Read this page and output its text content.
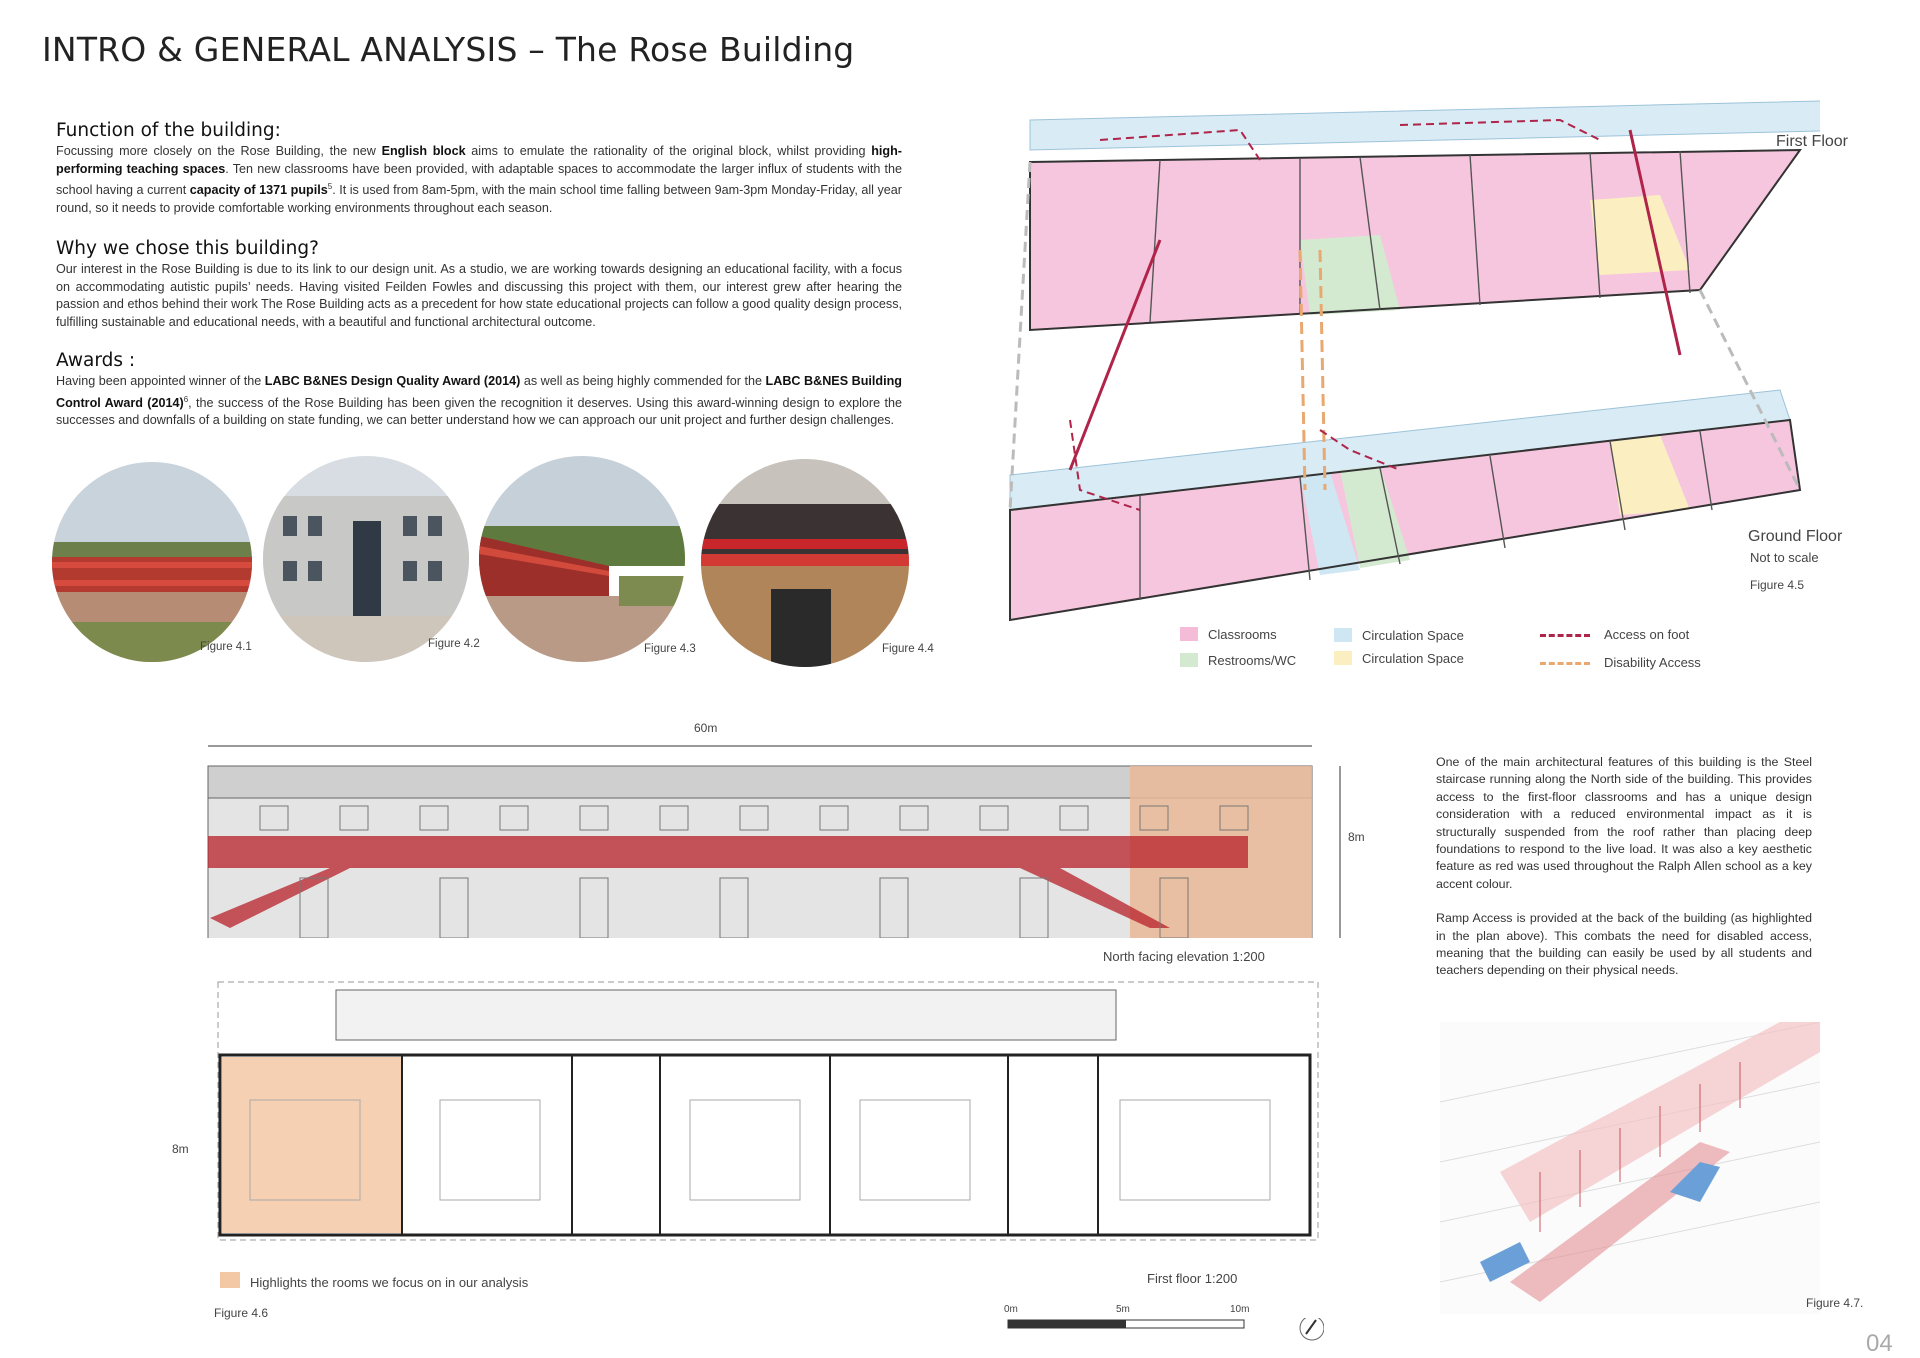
INTRO & GENERAL ANALYSIS – The Rose Building
Function of the building:

Focussing more closely on the Rose Building, the new English block aims to emulate the rationality of the original block, whilst providing high-performing teaching spaces. Ten new classrooms have been provided, with adaptable spaces to accommodate the larger influx of students with the school having a current capacity of 1371 pupils$^5$. It is used from 8am-5pm, with the main school time falling between 9am-3pm Monday-Friday, all year round, so it needs to provide comfortable working environments throughout each season.

Why we chose this building?

Our interest in the Rose Building is due to its link to our design unit. As a studio, we are working towards designing an educational facility, with a focus on accommodating autistic pupils’ needs. Having visited Feilden Fowles and discussing this project with them, our interest grew after hearing the passion and ethos behind their work The Rose Building acts as a precedent for how state educational projects can follow a good quality design process, fulfilling sustainable and educational needs, with a beautiful and functional architectural outcome.

Awards :

Having been appointed winner of the LABC B&NES Design Quality Award (2014) as well as being highly commended for the LABC B&NES Building Control Award $(2014)^6$, the success of the Rose Building has been given the recognition it deserves. Using this award-winning design to explore the successes and downfalls of a building on state funding, we can better understand how we can approach our unit project and further design challenges.

Figure 4.1	Figure 4.2	Figure 4.3	Figure 4.4
First Floor
Ground Floor
Not to scale
Figure 4.5
Classrooms
Restrooms/WC
Circulation Space
Circulation Space
Access on foot
Disability Access
60m
8m
North facing elevation 1:200
8m
Highlights the rooms we focus on in our analysis	First floor 1:200
Figure 4.6	0m	5m	10m

One of the main architectural features of this building is the Steel staircase running along the North side of the building. This provides access to the first-floor classrooms and has a unique design consideration with a reduced environmental impact as it is structurally suspended from the roof rather than placing deep foundations to respond to the live load. It was also a key aesthetic feature as red was used throughout the Ralph Allen school as a key accent colour.

Ramp Access is provided at the back of the building (as highlighted in the plan above). This combats the need for disabled access, meaning that the building can easily be used by all students and teachers depending on their physical needs.

Figure 4.7.
04
